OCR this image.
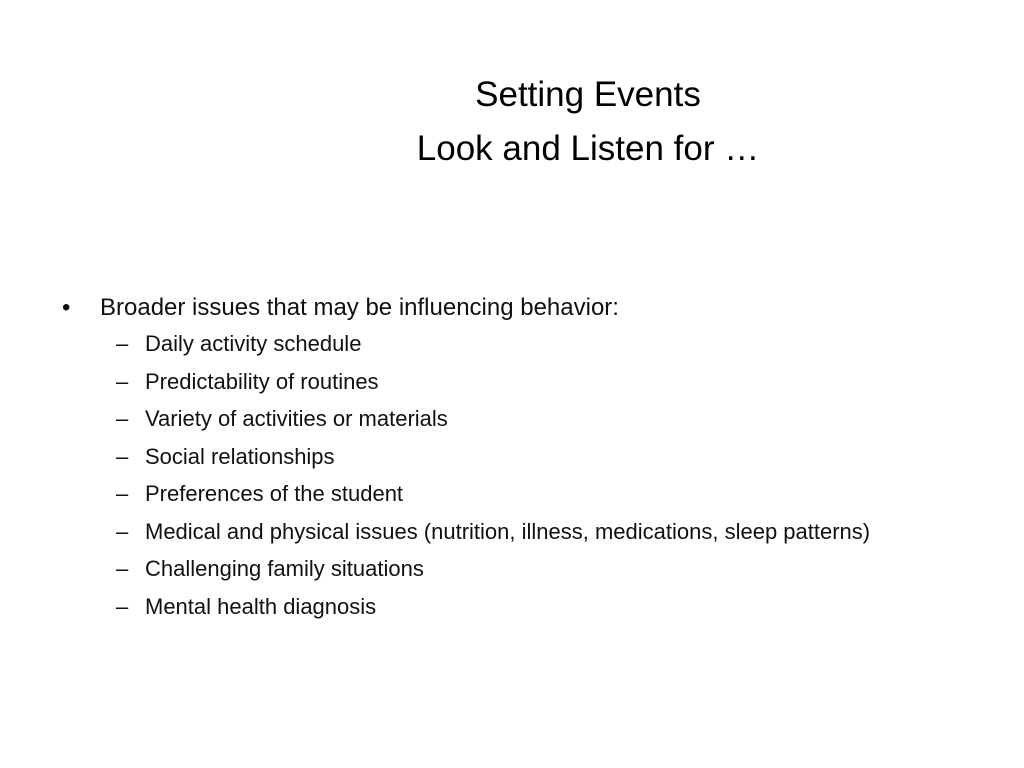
Setting Events
Look and Listen for …
•	Broader issues that may be influencing behavior:
– Daily activity schedule
– Predictability of routines
– Variety of activities or materials
– Social relationships
– Preferences of the student
– Medical and physical issues (nutrition, illness, medications, sleep patterns)
– Challenging family situations
– Mental health diagnosis
